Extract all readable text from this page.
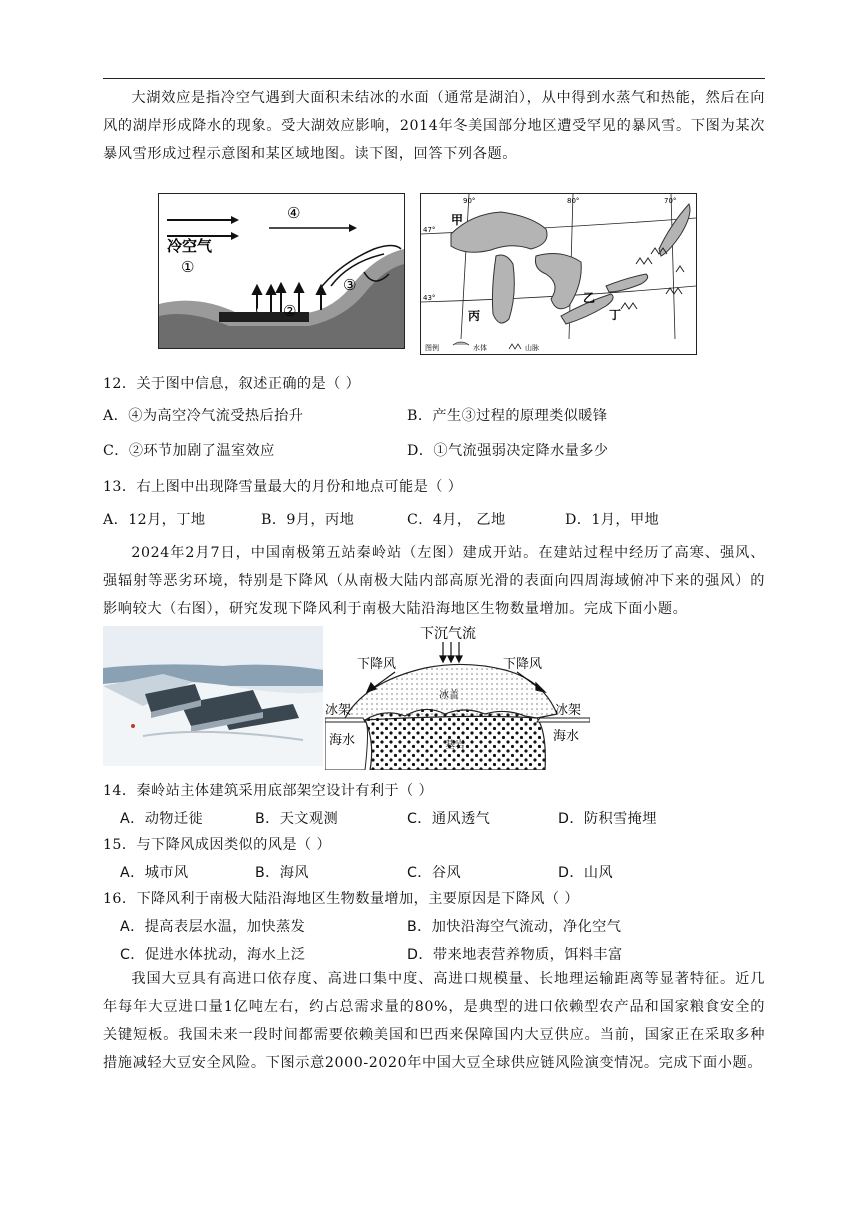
大湖效应是指冷空气遇到大面积未结冰的水面（通常是湖泊），从中得到水蒸气和热能，然后在向风的湖岸形成降水的现象。受大湖效应影响，2014年冬美国部分地区遭受罕见的暴风雪。下图为某次暴风雪形成过程示意图和某区域地图。读下图，回答下列各题。

冷空气
①
④
②
③
90°	80°	70°
47°
43°
甲
乙
丙	丁
图例	水体	山脉
12．关于图中信息，叙述正确的是（ ）
A．④为高空冷气流受热后抬升	B．产生③过程的原理类似暖锋
C．②环节加剧了温室效应	D．①气流强弱决定降水量多少
13．右上图中出现降雪量最大的月份和地点可能是（ ）
A．12月，丁地	B．9月，丙地	C．4月， 乙地	D．1月，甲地

2024年2月7日，中国南极第五站秦岭站（左图）建成开站。在建站过程中经历了高寒、强风、强辐射等恶劣环境，特别是下降风（从南极大陆内部高原光滑的表面向四周海域俯冲下来的强风）的影响较大（右图），研究发现下降风利于南极大陆沿海地区生物数量增加。完成下面小题。

下沉气流
下降风	下降风
冰盖
基岩
冰架	冰架
海水	海水
14．秦岭站主体建筑采用底部架空设计有利于（ ）
A．动物迁徙	B．天文观测	C．通风透气	D．防积雪掩埋
15．与下降风成因类似的风是（ ）
A．城市风	B．海风	C．谷风	D．山风
16．下降风利于南极大陆沿海地区生物数量增加，主要原因是下降风（ ）
A．提高表层水温，加快蒸发	B．加快沿海空气流动，净化空气
C．促进水体扰动，海水上泛	D．带来地表营养物质，饵料丰富

我国大豆具有高进口依存度、高进口集中度、高进口规模量、长地理运输距离等显著特征。近几年每年大豆进口量1亿吨左右，约占总需求量的80%，是典型的进口依赖型农产品和国家粮食安全的关键短板。我国未来一段时间都需要依赖美国和巴西来保障国内大豆供应。当前，国家正在采取多种措施减轻大豆安全风险。下图示意2000-2020年中国大豆全球供应链风险演变情况。完成下面小题。
